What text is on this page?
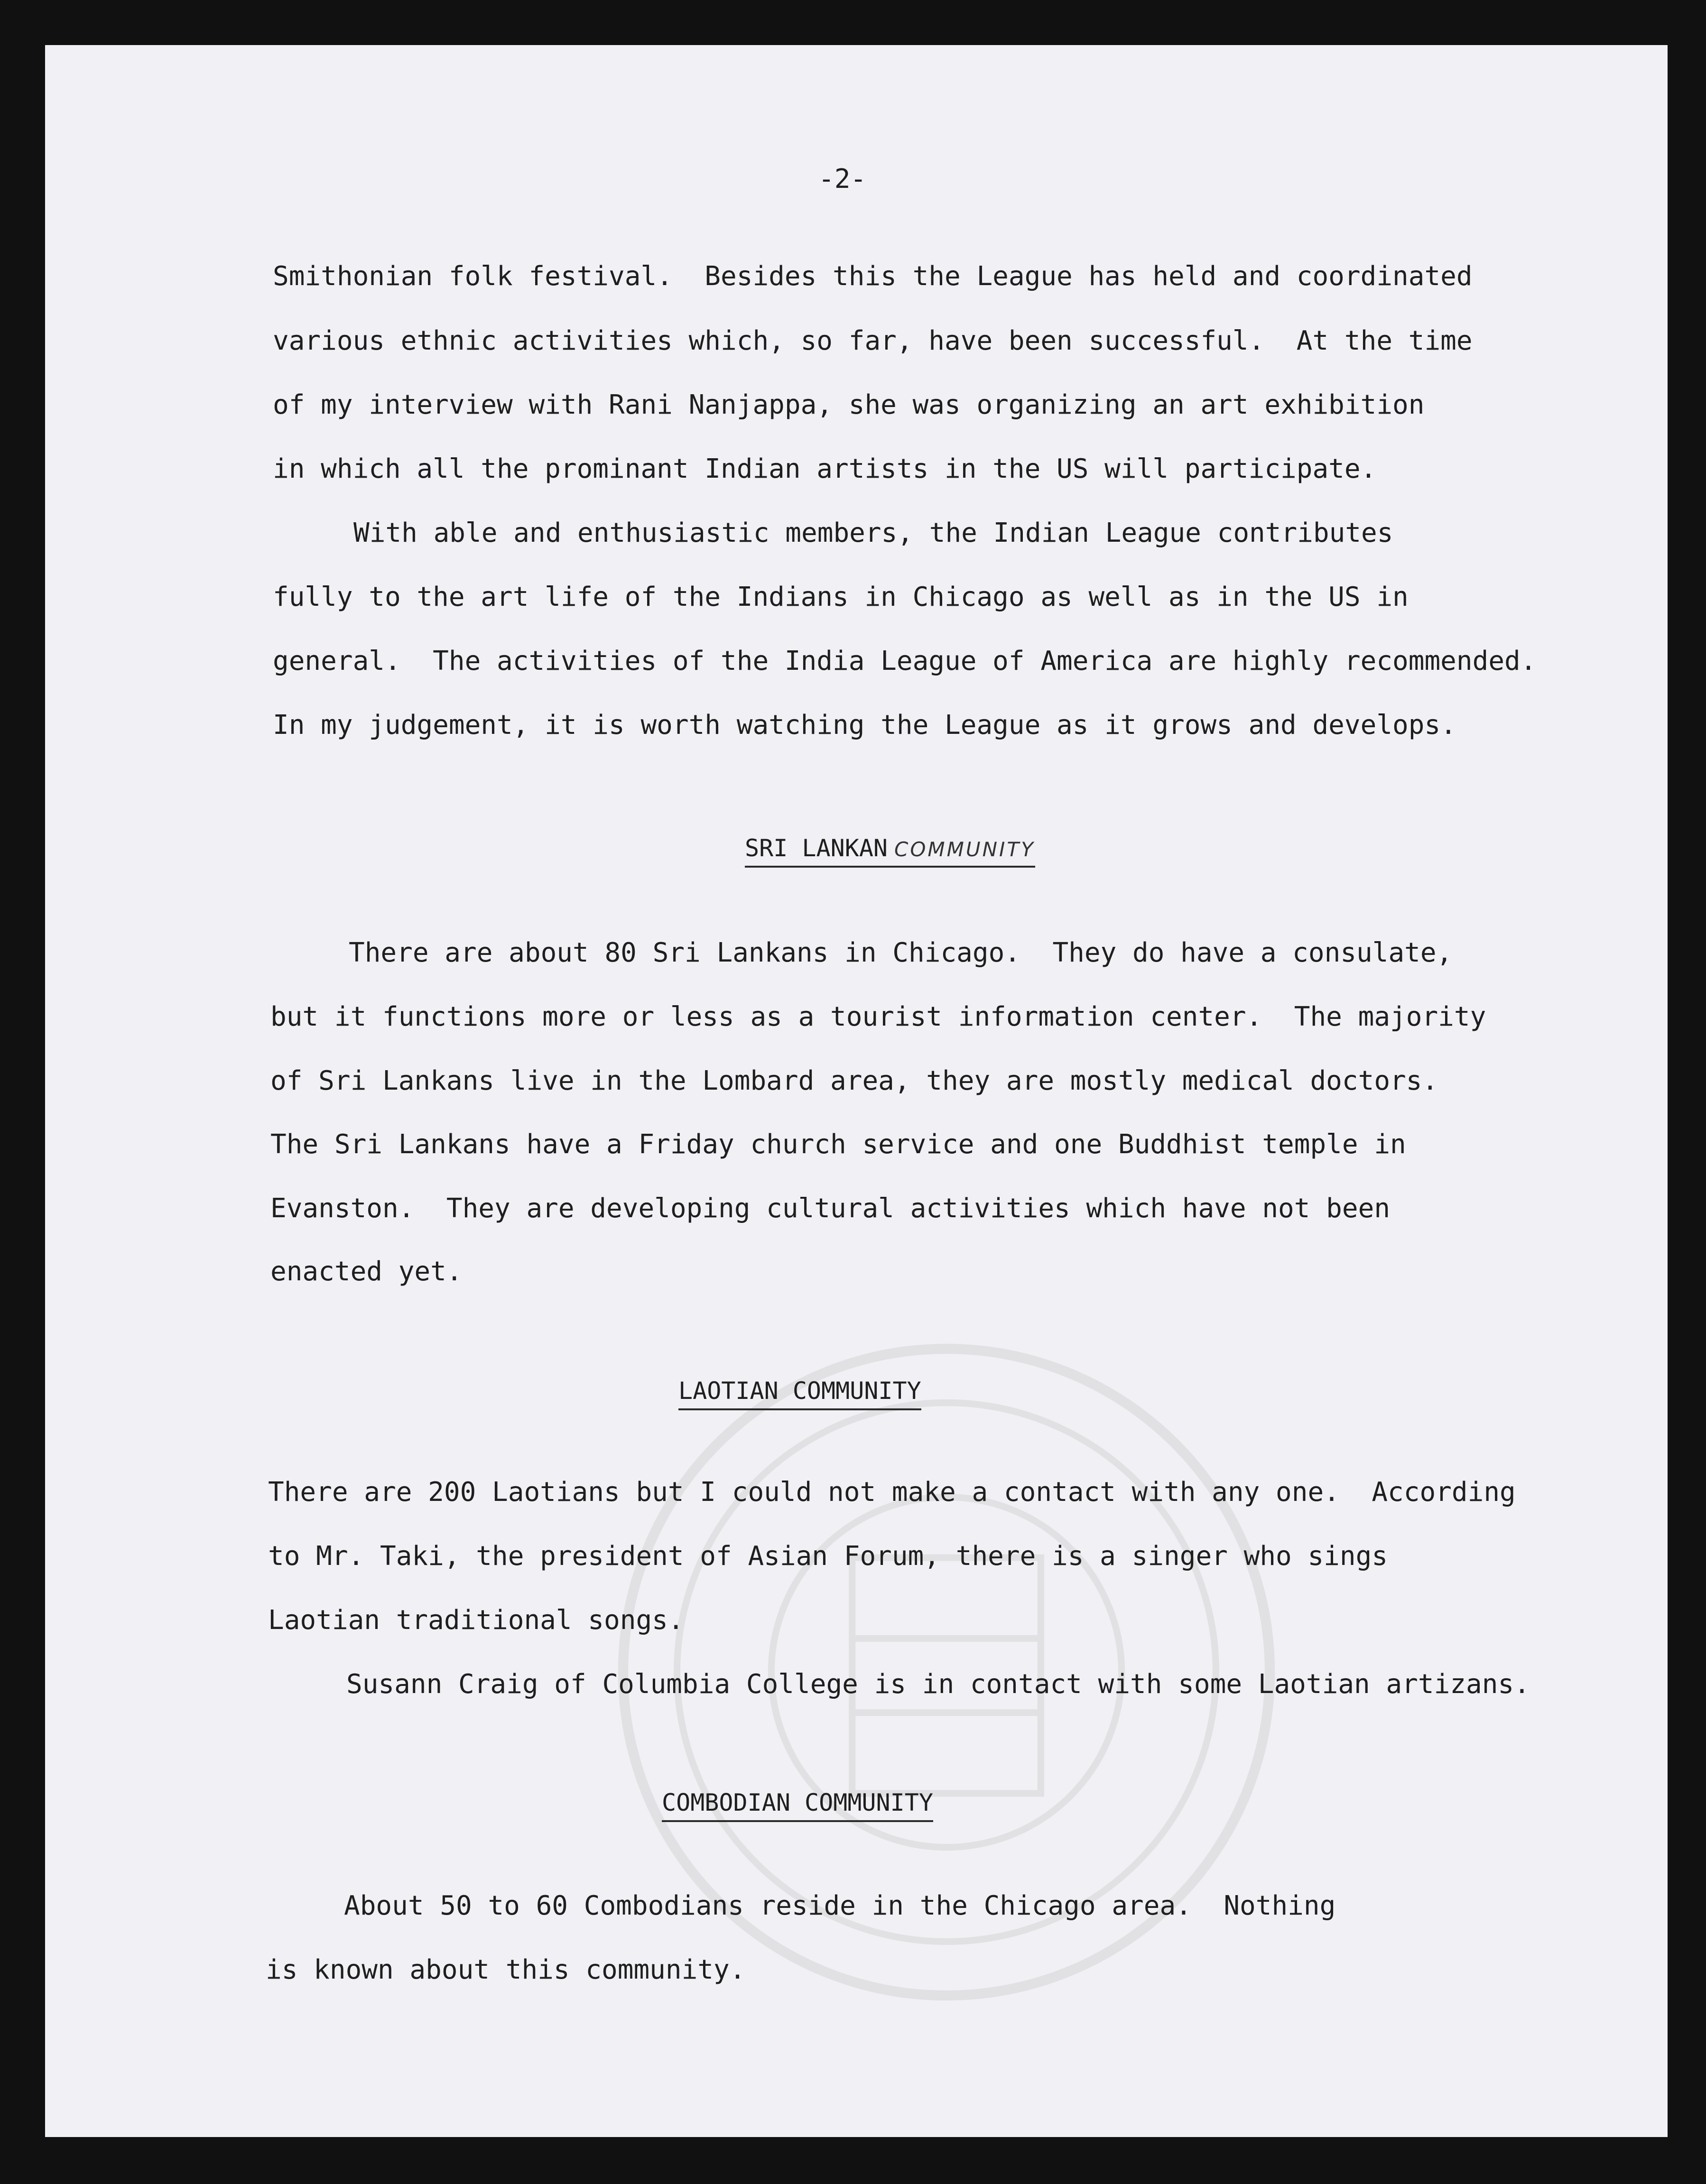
-2-
Smithonian folk festival.  Besides this the League has held and coordinated
various ethnic activities which, so far, have been successful.  At the time
of my interview with Rani Nanjappa, she was organizing an art exhibition
in which all the prominant Indian artists in the US will participate.
With able and enthusiastic members, the Indian League contributes
fully to the art life of the Indians in Chicago as well as in the US in
general.  The activities of the India League of America are highly recommended.
In my judgement, it is worth watching the League as it grows and develops.
SRI LANKAN COMMUNITY
There are about 80 Sri Lankans in Chicago.  They do have a consulate,
but it functions more or less as a tourist information center.  The majority
of Sri Lankans live in the Lombard area, they are mostly medical doctors.
The Sri Lankans have a Friday church service and one Buddhist temple in
Evanston.  They are developing cultural activities which have not been
enacted yet.
LAOTIAN COMMUNITY
There are 200 Laotians but I could not make a contact with any one.  According
to Mr. Taki, the president of Asian Forum, there is a singer who sings
Laotian traditional songs.
Susann Craig of Columbia College is in contact with some Laotian artizans.
COMBODIAN COMMUNITY
About 50 to 60 Combodians reside in the Chicago area.  Nothing
is known about this community.
